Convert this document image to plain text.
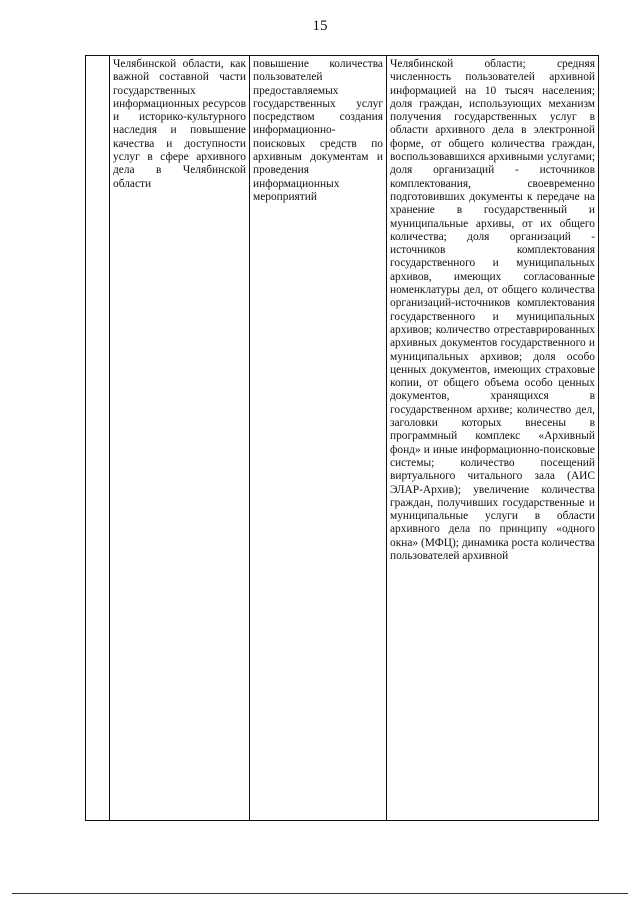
15
	Челябинской области, как важной составной части государственных информационных ресурсов и историко-культурного наследия и повышение качества и доступности услуг в сфере архивного дела в Челябинской области	повышение количества пользователей предоставляемых государственных услуг посредством создания информационно-поисковых средств по архивным документам и проведения информационных мероприятий	Челябинской области; средняя численность пользователей архивной информацией на 10 тысяч населения; доля граждан, использующих механизм получения государственных услуг в области архивного дела в электронной форме, от общего количества граждан, воспользовавшихся архивными услугами; доля организаций - источников комплектования, своевременно подготовивших документы к передаче на хранение в государственный и муниципальные архивы, от их общего количества; доля организаций - источников комплектования государственного и муниципальных архивов, имеющих согласованные номенклатуры дел, от общего количества организаций-источников комплектования государственного и муниципальных архивов; количество отреставрированных архивных документов государственного и муниципальных архивов; доля особо ценных документов, имеющих страховые копии, от общего объема особо ценных документов, хранящихся в государственном архиве; количество дел, заголовки которых внесены в программный комплекс «Архивный фонд» и иные информационно-поисковые системы; количество посещений виртуального читального зала (АИС ЭЛАР-Архив); увеличение количества граждан, получивших государственные и муниципальные услуги в области архивного дела по принципу «одного окна» (МФЦ); динамика роста количества пользователей архивной
